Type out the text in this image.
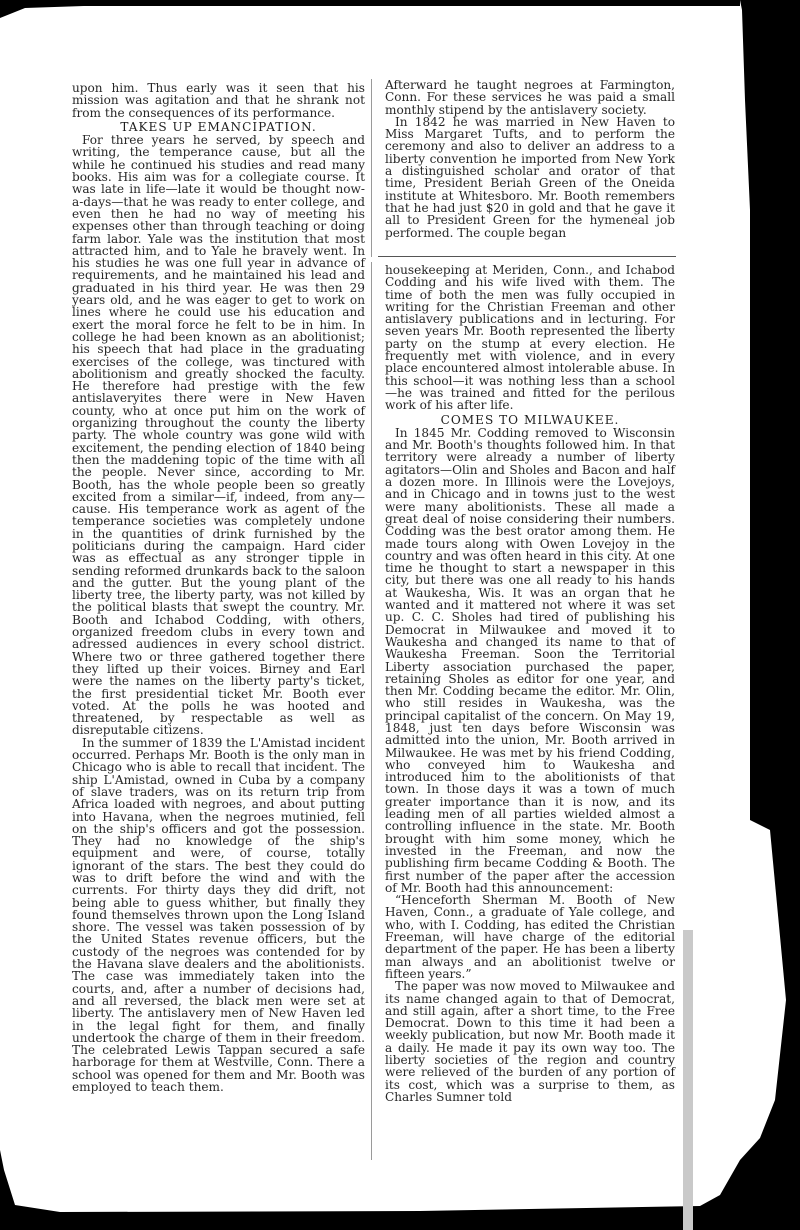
upon him. Thus early was it seen that his mission was agitation and that he shrank not from the consequences of its performance.

TAKES UP EMANCIPATION.

For three years he served, by speech and writing, the temperance cause, but all the while he continued his studies and read many books. His aim was for a collegiate course. It was late in life—late it would be thought now-a-days—that he was ready to enter college, and even then he had no way of meeting his expenses other than through teaching or doing farm labor. Yale was the institution that most attracted him, and to Yale he bravely went. In his studies he was one full year in advance of requirements, and he maintained his lead and graduated in his third year. He was then 29 years old, and he was eager to get to work on lines where he could use his education and exert the moral force he felt to be in him. In college he had been known as an abolitionist; his speech that had place in the graduating exercises of the college, was tinctured with abolitionism and greatly shocked the faculty. He therefore had prestige with the few antislaveryites there were in New Haven county, who at once put him on the work of organizing throughout the county the liberty party. The whole country was gone wild with excitement, the pending election of 1840 being then the maddening topic of the time with all the people. Never since, according to Mr. Booth, has the whole people been so greatly excited from a similar—if, indeed, from any—cause. His temperance work as agent of the temperance societies was completely undone in the quantities of drink furnished by the politicians during the campaign. Hard cider was as effectual as any stronger tipple in sending reformed drunkards back to the saloon and the gutter. But the young plant of the liberty tree, the liberty party, was not killed by the political blasts that swept the country. Mr. Booth and Ichabod Codding, with others, organized freedom clubs in every town and adressed audiences in every school district. Where two or three gathered together there they lifted up their voices. Birney and Earl were the names on the liberty party's ticket, the first presidential ticket Mr. Booth ever voted. At the polls he was hooted and threatened, by respectable as well as disreputable citizens.

In the summer of 1839 the L'Amistad incident occurred. Perhaps Mr. Booth is the only man in Chicago who is able to recall that incident. The ship L'Amistad, owned in Cuba by a company of slave traders, was on its return trip from Africa loaded with negroes, and about putting into Havana, when the negroes mutinied, fell on the ship's officers and got the possession. They had no knowledge of the ship's equipment and were, of course, totally ignorant of the stars. The best they could do was to drift before the wind and with the currents. For thirty days they did drift, not being able to guess whither, but finally they found themselves thrown upon the Long Island shore. The vessel was taken possession of by the United States revenue officers, but the custody of the negroes was contended for by the Havana slave dealers and the abolitionists. The case was immediately taken into the courts, and, after a number of decisions had, and all reversed, the black men were set at liberty. The antislavery men of New Haven led in the legal fight for them, and finally undertook the charge of them in their freedom. The celebrated Lewis Tappan secured a safe harborage for them at Westville, Conn. There a school was opened for them and Mr. Booth was employed to teach them.

Afterward he taught negroes at Farmington, Conn. For these services he was paid a small monthly stipend by the antislavery society.

In 1842 he was married in New Haven to Miss Margaret Tufts, and to perform the ceremony and also to deliver an address to a liberty convention he imported from New York a distinguished scholar and orator of that time, President Beriah Green of the Oneida institute at Whitesboro. Mr. Booth remembers that he had just $20 in gold and that he gave it all to President Green for the hymeneal job performed. The couple began

housekeeping at Meriden, Conn., and Ichabod Codding and his wife lived with them. The time of both the men was fully occupied in writing for the Christian Freeman and other antislavery publications and in lecturing. For seven years Mr. Booth represented the liberty party on the stump at every election. He frequently met with violence, and in every place encountered almost intolerable abuse. In this school—it was nothing less than a school—he was trained and fitted for the perilous work of his after life.

COMES TO MILWAUKEE.

In 1845 Mr. Codding removed to Wisconsin and Mr. Booth's thoughts followed him. In that territory were already a number of liberty agitators—Olin and Sholes and Bacon and half a dozen more. In Illinois were the Lovejoys, and in Chicago and in towns just to the west were many abolitionists. These all made a great deal of noise considering their numbers. Codding was the best orator among them. He made tours along with Owen Lovejoy in the country and was often heard in this city. At one time he thought to start a newspaper in this city, but there was one all ready to his hands at Waukesha, Wis. It was an organ that he wanted and it mattered not where it was set up. C. C. Sholes had tired of publishing his Democrat in Milwaukee and moved it to Waukesha and changed its name to that of Waukesha Freeman. Soon the Territorial Liberty association purchased the paper, retaining Sholes as editor for one year, and then Mr. Codding became the editor. Mr. Olin, who still resides in Waukesha, was the principal capitalist of the concern. On May 19, 1848, just ten days before Wisconsin was admitted into the union, Mr. Booth arrived in Milwaukee. He was met by his friend Codding, who conveyed him to Waukesha and introduced him to the abolitionists of that town. In those days it was a town of much greater importance than it is now, and its leading men of all parties wielded almost a controlling influence in the state. Mr. Booth brought with him some money, which he invested in the Freeman, and now the publishing firm became Codding & Booth. The first number of the paper after the accession of Mr. Booth had this announcement:

“Henceforth Sherman M. Booth of New Haven, Conn., a graduate of Yale college, and who, with I. Codding, has edited the Christian Freeman, will have charge of the editorial department of the paper. He has been a liberty man always and an abolitionist twelve or fifteen years.”

The paper was now moved to Milwaukee and its name changed again to that of Democrat, and still again, after a short time, to the Free Democrat. Down to this time it had been a weekly publication, but now Mr. Booth made it a daily. He made it pay its own way too. The liberty societies of the region and country were relieved of the burden of any portion of its cost, which was a surprise to them, as Charles Sumner told
